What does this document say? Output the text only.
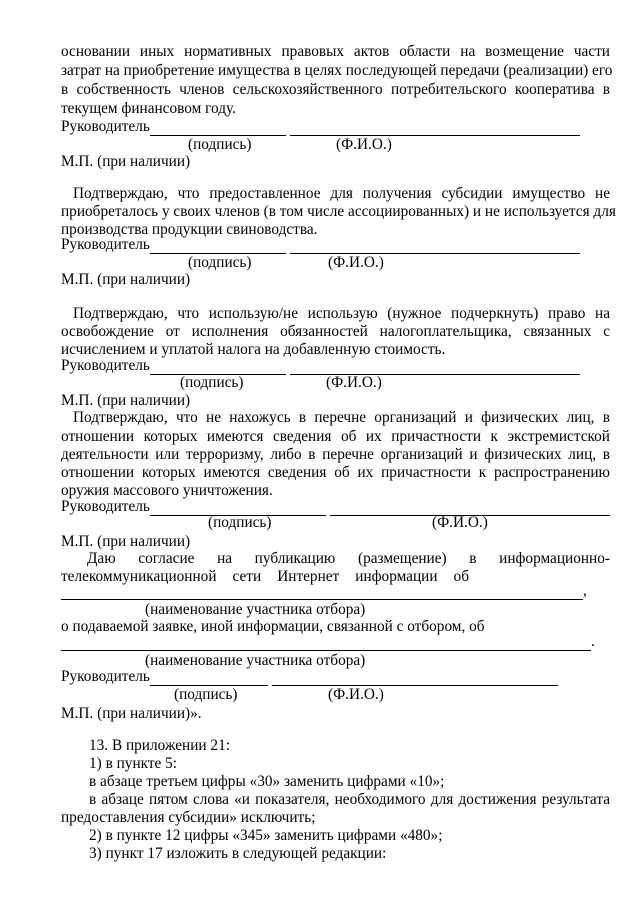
основании иных нормативных правовых актов области на возмещение части
затрат на приобретение имущества в целях последующей передачи (реализации) его
в собственность членов сельскохозяйственного потребительского кооператива в
текущем финансовом году.
Руководитель
(подпись)	(Ф.И.О.)
М.П. (при наличии)
Подтверждаю, что предоставленное для получения субсидии имущество не
приобреталось у своих членов (в том числе ассоциированных) и не используется для
производства продукции свиноводства.
Руководитель
(подпись)	(Ф.И.О.)
М.П. (при наличии)
Подтверждаю, что использую/не использую (нужное подчеркнуть) право на
освобождение от исполнения обязанностей налогоплательщика, связанных с
исчислением и уплатой налога на добавленную стоимость.
Руководитель
(подпись)	(Ф.И.О.)
М.П. (при наличии)
Подтверждаю, что не нахожусь в перечне организаций и физических лиц, в
отношении которых имеются сведения об их причастности к экстремистской
деятельности или терроризму, либо в перечне организаций и физических лиц, в
отношении которых имеются сведения об их причастности к распространению
оружия массового уничтожения.
Руководитель
(подпись)	(Ф.И.О.)
М.П. (при наличии)
Даю согласие на публикацию (размещение) в информационно-
телекоммуникационной сети Интернет информации об
,
(наименование участника отбора)
о подаваемой заявке, иной информации, связанной с отбором, об
.
(наименование участника отбора)
Руководитель
(подпись)	(Ф.И.О.)
М.П. (при наличии)».
13. В приложении 21:
1) в пункте 5:
в абзаце третьем цифры «30» заменить цифрами «10»;
в абзаце пятом слова «и показателя, необходимого для достижения результата
предоставления субсидии» исключить;
2) в пункте 12 цифры «345» заменить цифрами «480»;
3) пункт 17 изложить в следующей редакции:
